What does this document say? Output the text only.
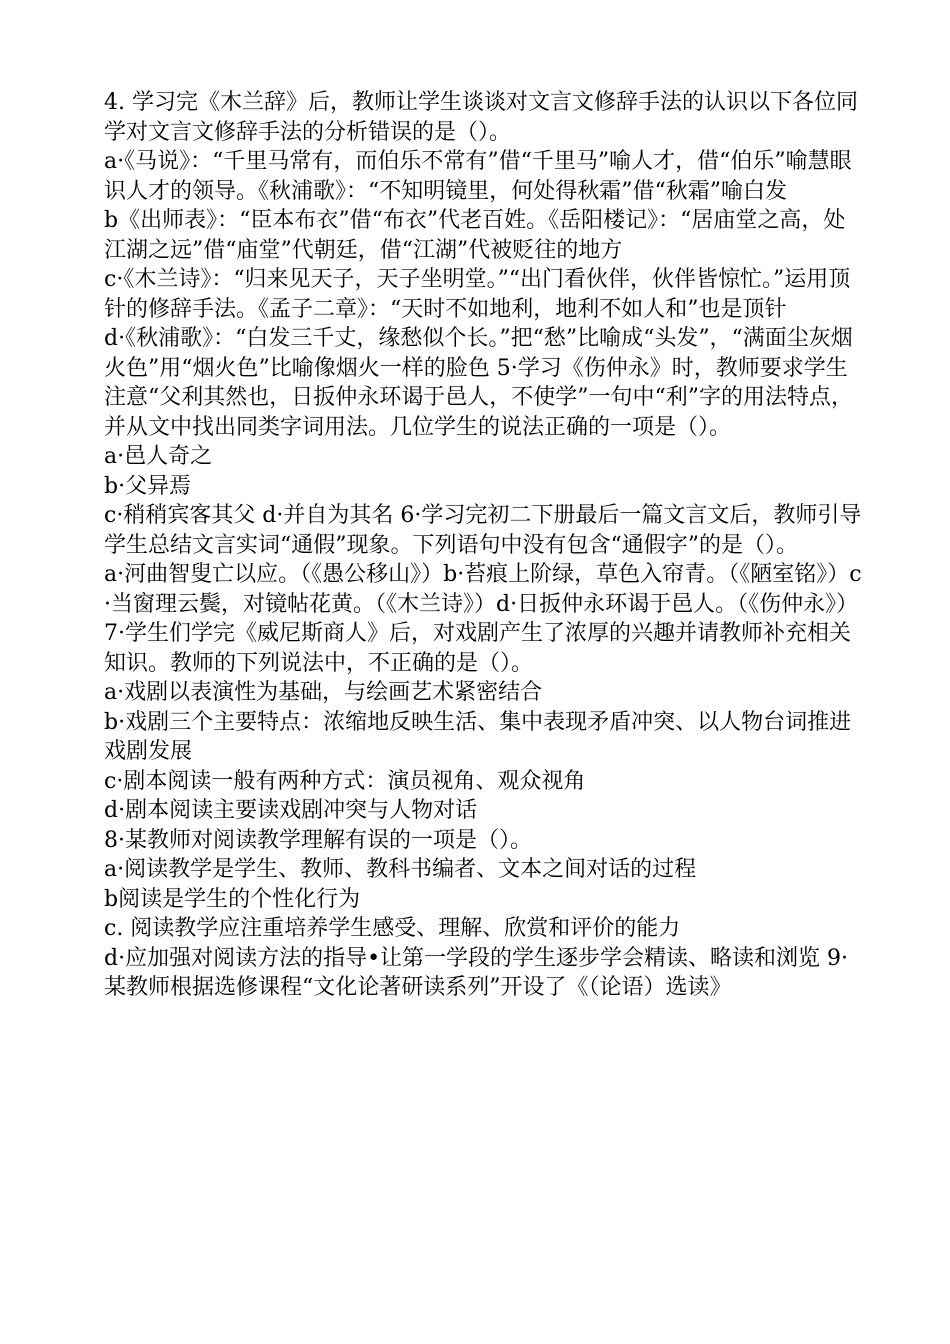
4. 学习完《木兰辞》后，教师让学生谈谈对文言文修辞手法的认识以下各位同学对文言文修辞手法的分析错误的是（）。

a·《马说》：“千里马常有，而伯乐不常有”借“千里马”喻人才，借“伯乐”喻慧眼识人才的领导。《秋浦歌》：“不知明镜里，何处得秋霜”借“秋霜”喻白发

b《出师表》：“臣本布衣”借“布衣”代老百姓。《岳阳楼记》：“居庙堂之高，处江湖之远”借“庙堂”代朝廷，借“江湖”代被贬往的地方

c·《木兰诗》：“归来见天子，天子坐明堂。”“出门看伙伴，伙伴皆惊忙。”运用顶针的修辞手法。《孟子二章》：“天时不如地利，地利不如人和”也是顶针

d·《秋浦歌》：“白发三千丈，缘愁似个长。”把“愁”比喻成“头发”，“满面尘灰烟火色”用“烟火色”比喻像烟火一样的脸色 5·学习《伤仲永》时，教师要求学生注意“父利其然也，日扳仲永环谒于邑人，不使学”一句中“利”字的用法特点，并从文中找出同类字词用法。几位学生的说法正确的一项是（）。

a·邑人奇之

b·父异焉

c·稍稍宾客其父 d·并自为其名 6·学习完初二下册最后一篇文言文后，教师引导学生总结文言实词“通假”现象。下列语句中没有包含“通假字”的是（）。

a·河曲智叟亡以应。（《愚公移山》）b·苔痕上阶绿，草色入帘青。（《陋室铭》）c·当窗理云鬓，对镜帖花黄。（《木兰诗》）d·日扳仲永环谒于邑人。（《伤仲永》）7·学生们学完《威尼斯商人》后，对戏剧产生了浓厚的兴趣并请教师补充相关知识。教师的下列说法中，不正确的是（）。

a·戏剧以表演性为基础，与绘画艺术紧密结合

b·戏剧三个主要特点：浓缩地反映生活、集中表现矛盾冲突、以人物台词推进戏剧发展

c·剧本阅读一般有两种方式：演员视角、观众视角

d·剧本阅读主要读戏剧冲突与人物对话

8·某教师对阅读教学理解有误的一项是（）。

a·阅读教学是学生、教师、教科书编者、文本之间对话的过程

b阅读是学生的个性化行为

c. 阅读教学应注重培养学生感受、理解、欣赏和评价的能力

d·应加强对阅读方法的指导•让第一学段的学生逐步学会精读、略读和浏览 9·某教师根据选修课程“文化论著研读系列”开设了《（论语）选读》
